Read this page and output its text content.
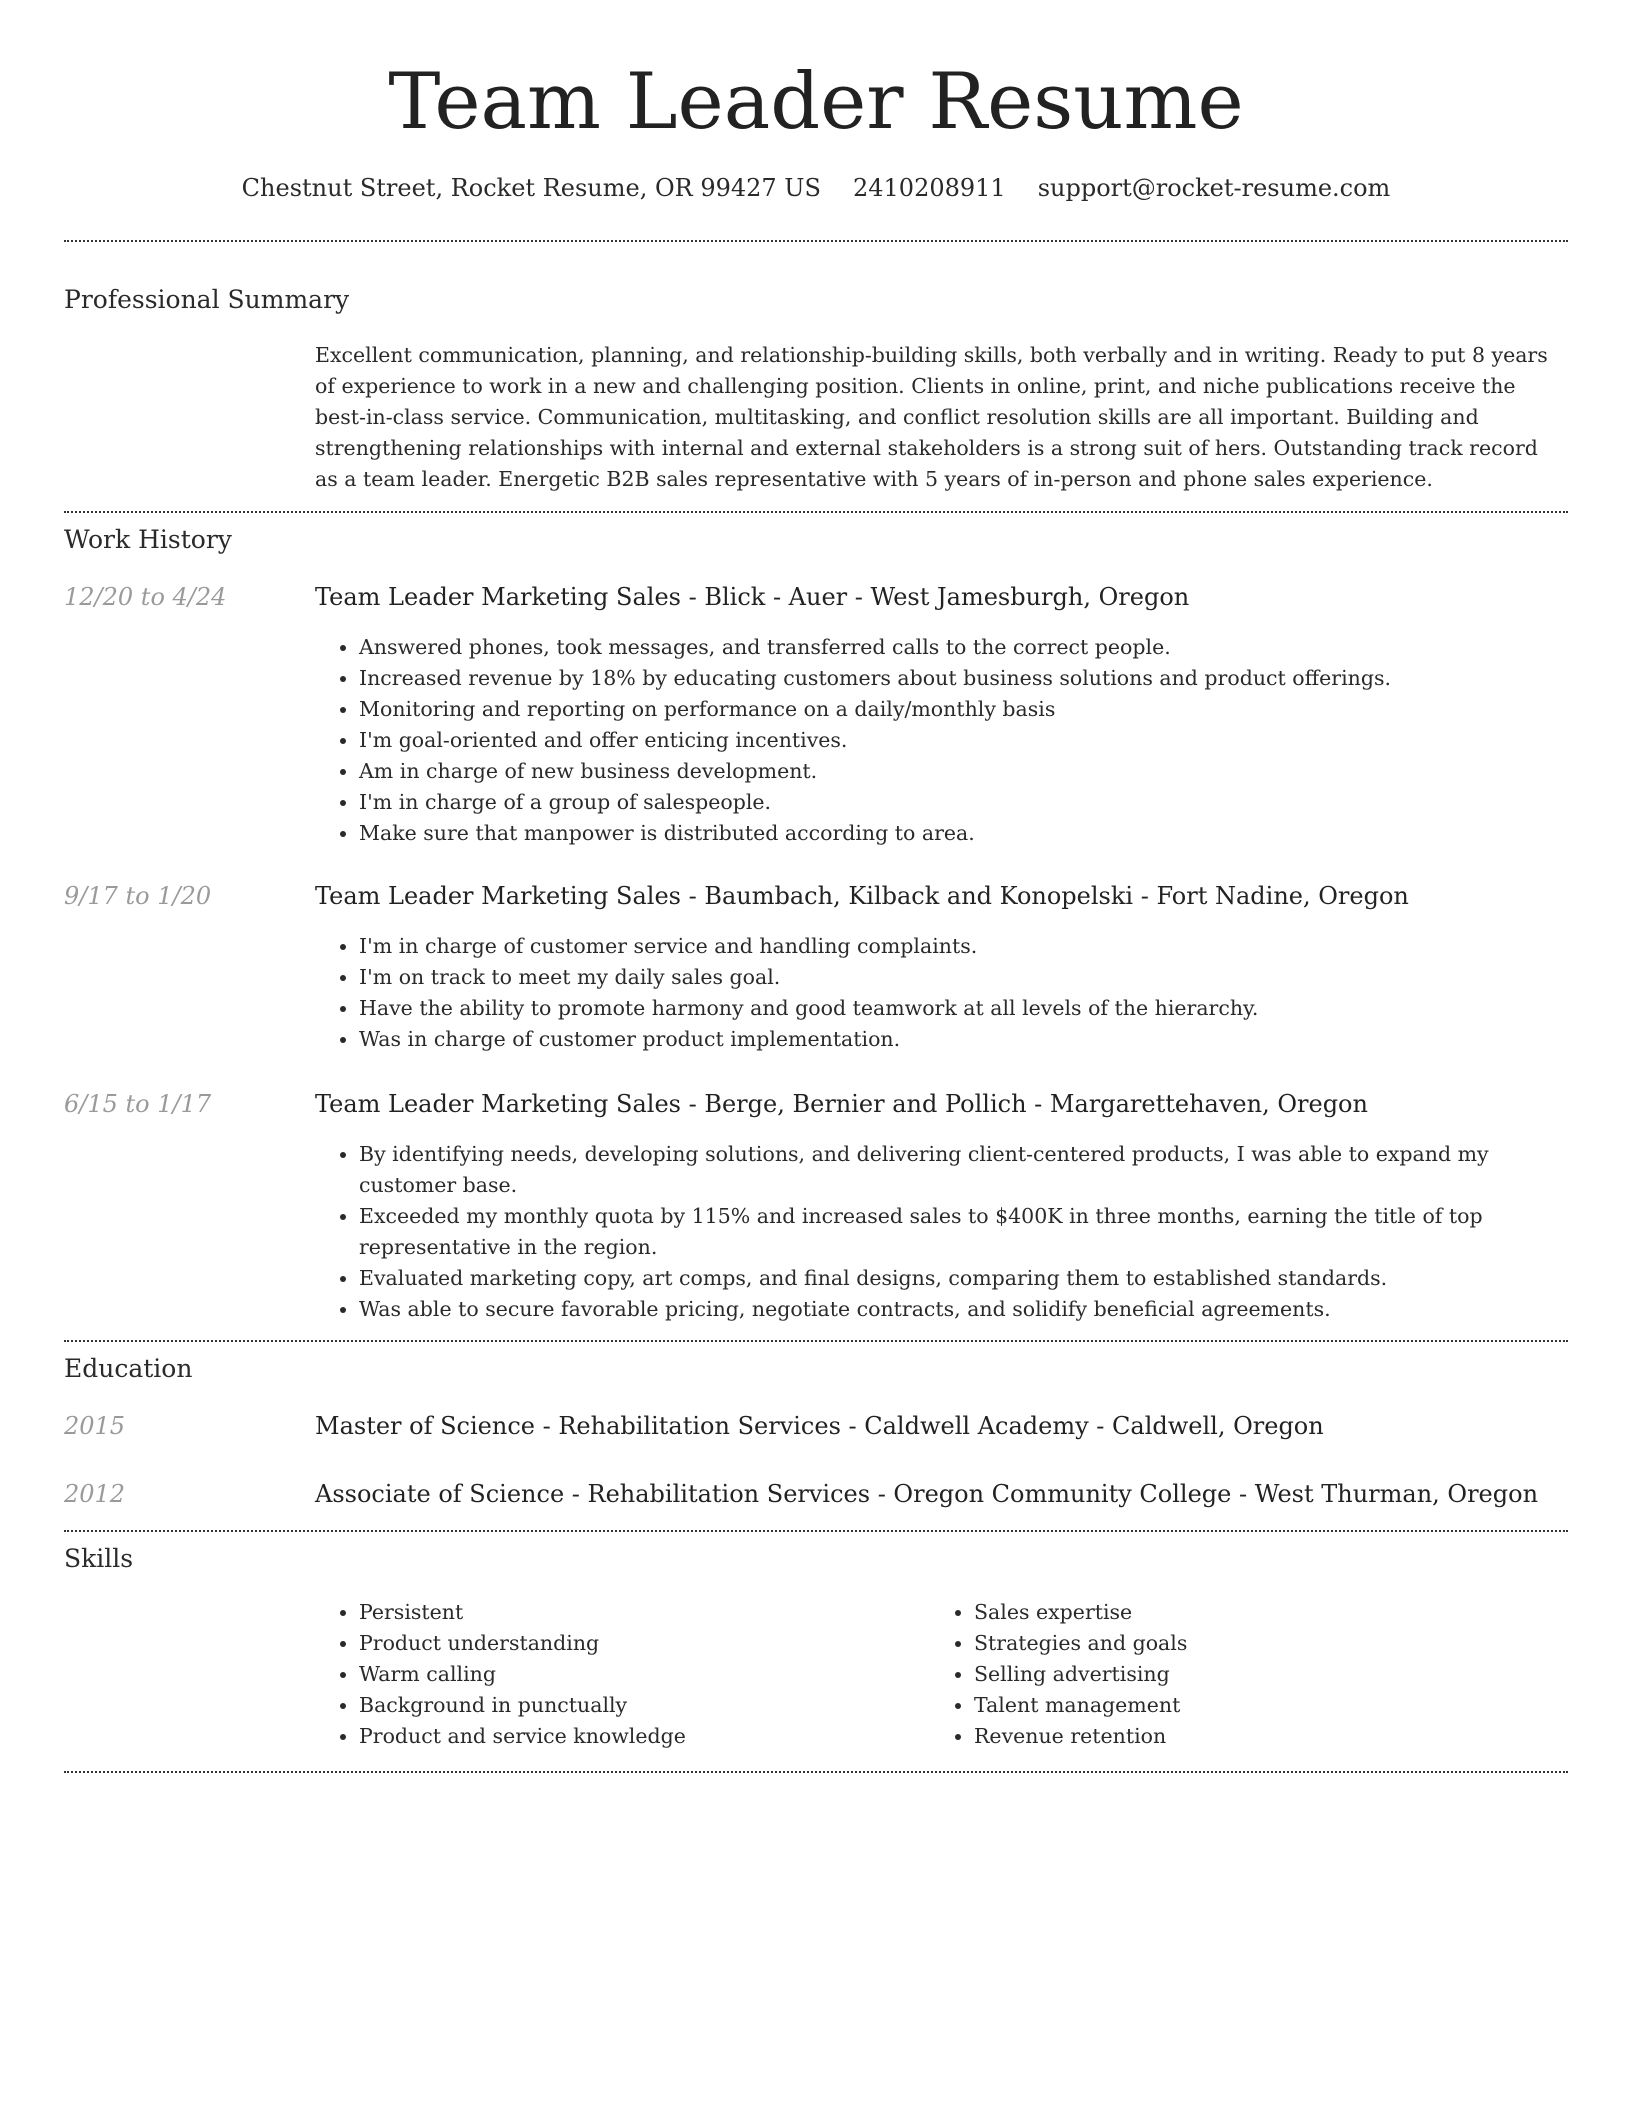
Team Leader Resume
Chestnut Street, Rocket Resume, OR 99427 US 2410208911 support@rocket-resume.com
Professional Summary
Excellent communication, planning, and relationship-building skills, both verbally and in writing. Ready to put 8 years of experience to work in a new and challenging position. Clients in online, print, and niche publications receive the best-in-class service. Communication, multitasking, and conflict resolution skills are all important. Building and strengthening relationships with internal and external stakeholders is a strong suit of hers. Outstanding track record as a team leader. Energetic B2B sales representative with 5 years of in-person and phone sales experience.
Work History
12/20 to 4/24	Team Leader Marketing Sales - Blick - Auer - West Jamesburgh, Oregon
• Answered phones, took messages, and transferred calls to the correct people.
• Increased revenue by 18% by educating customers about business solutions and product offerings.
• Monitoring and reporting on performance on a daily/monthly basis
• I'm goal-oriented and offer enticing incentives.
• Am in charge of new business development.
• I'm in charge of a group of salespeople.
• Make sure that manpower is distributed according to area.
9/17 to 1/20	Team Leader Marketing Sales - Baumbach, Kilback and Konopelski - Fort Nadine, Oregon
• I'm in charge of customer service and handling complaints.
• I'm on track to meet my daily sales goal.
• Have the ability to promote harmony and good teamwork at all levels of the hierarchy.
• Was in charge of customer product implementation.
6/15 to 1/17	Team Leader Marketing Sales - Berge, Bernier and Pollich - Margarettehaven, Oregon
• By identifying needs, developing solutions, and delivering client-centered products, I was able to expand my customer base.
• Exceeded my monthly quota by 115% and increased sales to $400K in three months, earning the title of top representative in the region.
• Evaluated marketing copy, art comps, and final designs, comparing them to established standards.
• Was able to secure favorable pricing, negotiate contracts, and solidify beneficial agreements.
Education
2015	Master of Science - Rehabilitation Services - Caldwell Academy - Caldwell, Oregon
2012	Associate of Science - Rehabilitation Services - Oregon Community College - West Thurman, Oregon
Skills
• Persistent
• Product understanding
• Warm calling
• Background in punctually
• Product and service knowledge
• Sales expertise
• Strategies and goals
• Selling advertising
• Talent management
• Revenue retention
